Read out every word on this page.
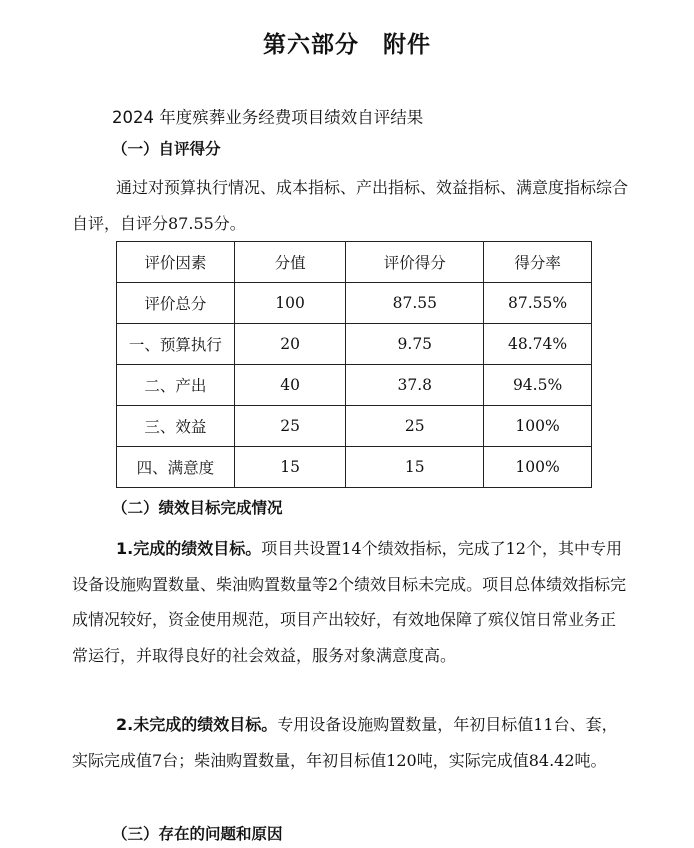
第六部分　附件
2024 年度殡葬业务经费项目绩效自评结果
（一）自评得分

通过对预算执行情况、成本指标、产出指标、效益指标、满意度指标综合自评，自评分87.55分。

评价因素	分值	评价得分	得分率
评价总分	100	87.55	87.55%
一、预算执行	20	9.75	48.74%
二、产出	40	37.8	94.5%
三、效益	25	25	100%
四、满意度	15	15	100%
（二）绩效目标完成情况

1.完成的绩效目标。项目共设置14个绩效指标，完成了12个，其中专用设备设施购置数量、柴油购置数量等2个绩效目标未完成。项目总体绩效指标完成情况较好，资金使用规范，项目产出较好，有效地保障了殡仪馆日常业务正常运行，并取得良好的社会效益，服务对象满意度高。

2.未完成的绩效目标。专用设备设施购置数量，年初目标值11台、套，实际完成值7台；柴油购置数量，年初目标值120吨，实际完成值84.42吨。

（三）存在的问题和原因
